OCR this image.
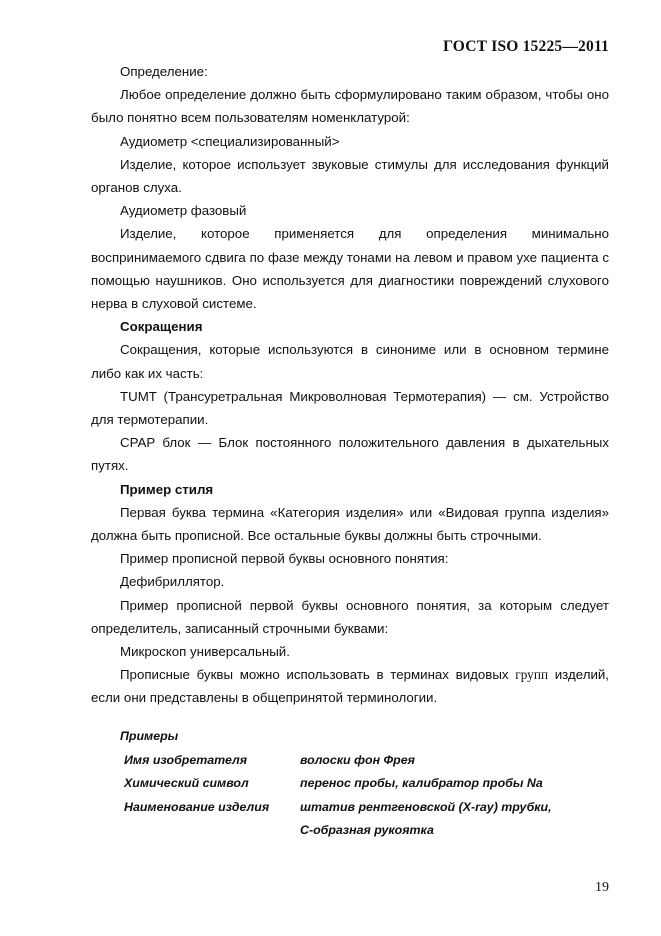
ГОСТ ISO 15225—2011

Определение:

Любое определение должно быть сформулировано таким образом, чтобы оно было понятно всем пользователям номенклатурой:

Аудиометр <специализированный>

Изделие, которое использует звуковые стимулы для исследования функций органов слуха.

Аудиометр фазовый

Изделие, которое применяется для определения минимально воспринимаемого сдвига по фазе между тонами на левом и правом ухе пациента с помощью наушников. Оно используется для диагностики повреждений слухового нерва в слуховой системе.

Сокращения

Сокращения, которые используются в синониме или в основном термине либо как их часть:

TUMT (Трансуретральная Микроволновая Термотерапия) — см. Устройство для термотерапии.

CPAP блок — Блок постоянного положительного давления в дыхательных путях.

Пример стиля

Первая буква термина «Категория изделия» или «Видовая группа изделия» должна быть прописной. Все остальные буквы должны быть строчными.

Пример прописной первой буквы основного понятия:

Дефибриллятор.

Пример прописной первой буквы основного понятия, за которым следует определитель, записанный строчными буквами:

Микроскоп универсальный.

Прописные буквы можно использовать в терминах видовых групп изделий, если они представлены в общепринятой терминологии.

Примеры
Имя изобретателя	волоски фон Фрея
Химический символ	перенос пробы, калибратор пробы Na
Наименование изделия	штатив рентгеновской (X-ray) трубки,
С-образная рукоятка
19
